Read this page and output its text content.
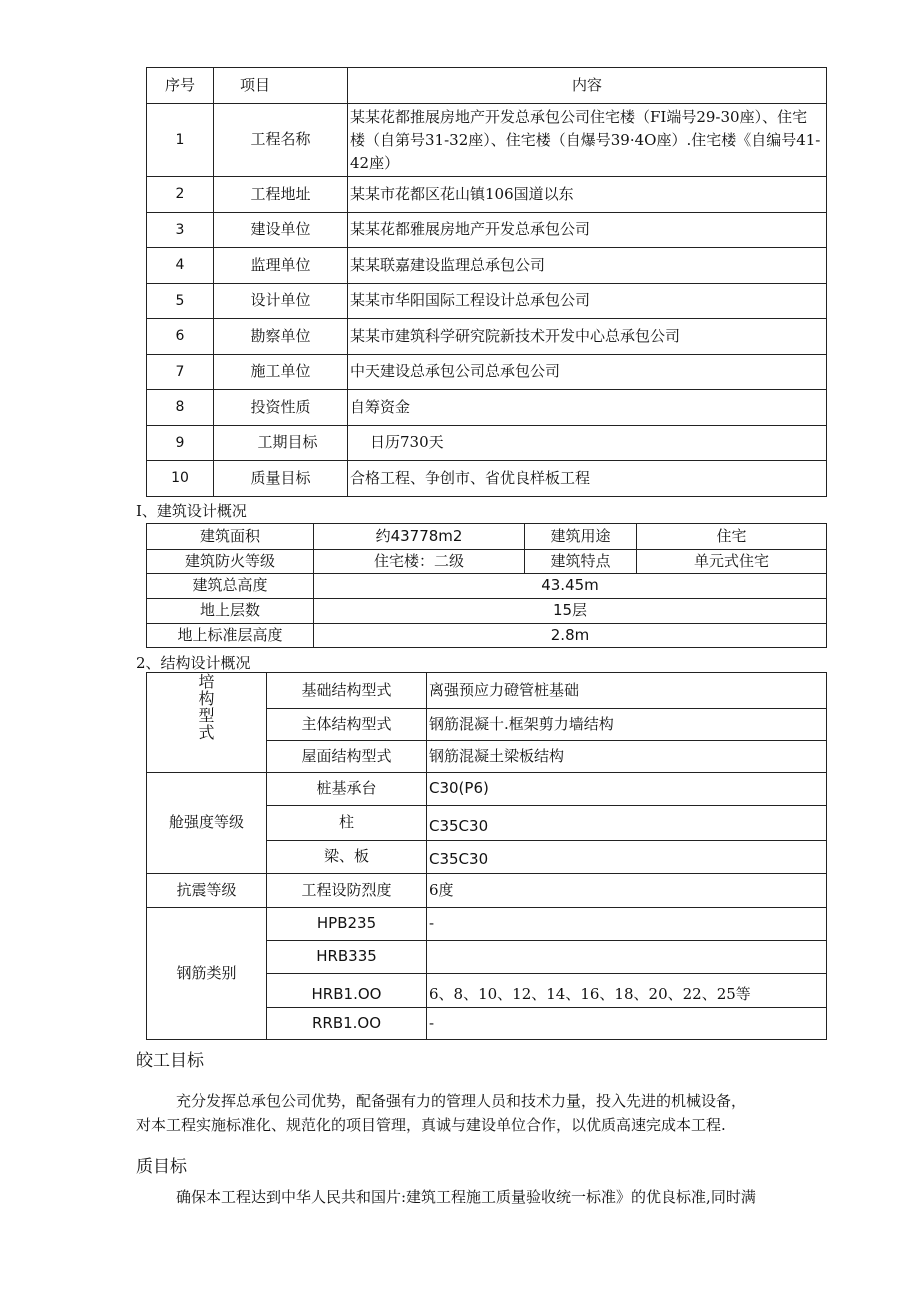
序号	项目	内容
1	工程名称	某某花都推展房地产开发总承包公司住宅楼（FI端号29-30座）、住宅楼（自第号31-32座）、住宅楼（自爆号39·4O座）.住宅楼《自编号41-42座）
2	工程地址	某某市花都区花山镇106国道以东
3	建设单位	某某花都雅展房地产开发总承包公司
4	监理单位	某某联嘉建设监理总承包公司
5	设计单位	某某市华阳国际工程设计总承包公司
6	勘察单位	某某市建筑科学研究院新技术开发中心总承包公司
7	施工单位	中天建设总承包公司总承包公司
8	投资性质	自筹资金
9	工期目标	日历730天
10	质量目标	合格工程、争创市、省优良样板工程
I、建筑设计概况
建筑面积	约43778m2	建筑用途	住宅
建筑防火等级	住宅楼：二级	建筑特点	单元式住宅
建筑总高度	43.45m		
地上层数	15层		
地上标准层高度	2.8m		
2、结构设计概况
培
构
型
式	基础结构型式	离强预应力磴管桩基础
	主体结构型式	钢筋混凝十.框架剪力墙结构
	屋面结构型式	钢筋混凝土梁板结构
舱强度等级	桩基承台	C30(P6)
	柱	C35C30
	梁、板	C35C30
抗震等级	工程设防烈度	6度
钢筋类别	HPB235	-
	HRB335	
	HRB1.OO	6、8、10、12、14、16、18、20、22、25等
	RRB1.OO	-
皎工目标
充分发挥总承包公司优势，配备强有力的管理人员和技术力量，投入先进的机械设备，
对本工程实施标准化、规范化的项目管理，真诚与建设单位合作，以优质高速完成本工程.
质目标
确保本工程达到中华人民共和国片:建筑工程施工质量验收统一标准》的优良标准,同时满
